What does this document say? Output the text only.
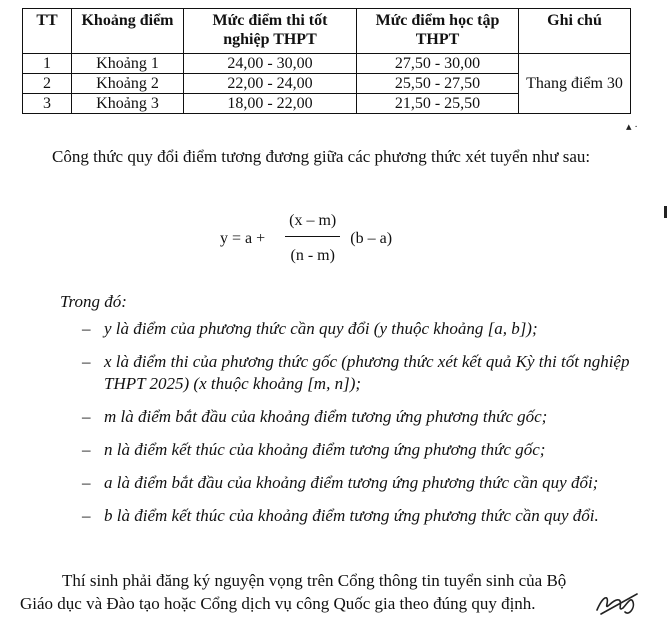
TT	Khoảng điểm	Mức điểm thi tốt nghiệp THPT	Mức điểm học tập THPT	Ghi chú
1	Khoảng 1	24,00 - 30,00	27,50 - 30,00	Thang điểm 30
2	Khoảng 2	22,00 - 24,00	25,50 - 27,50	
3	Khoảng 3	18,00 - 22,00	21,50 - 25,50	
▴ ·

Công thức quy đổi điểm tương đương giữa các phương thức xét tuyển như sau:

$y = a + \frac{(x - m)}{(n - m)} (b - a)$

Trong đó:

– y là điểm của phương thức cần quy đổi (y thuộc khoảng [a, b]);
– x là điểm thi của phương thức gốc (phương thức xét kết quả Kỳ thi tốt nghiệp THPT 2025) (x thuộc khoảng [m, n]);
– m là điểm bắt đầu của khoảng điểm tương ứng phương thức gốc;
– n là điểm kết thúc của khoảng điểm tương ứng phương thức gốc;
– a là điểm bắt đầu của khoảng điểm tương ứng phương thức cần quy đổi;
– b là điểm kết thúc của khoảng điểm tương ứng phương thức cần quy đổi.

Thí sinh phải đăng ký nguyện vọng trên Cổng thông tin tuyển sinh của Bộ

Giáo dục và Đào tạo hoặc Cổng dịch vụ công Quốc gia theo đúng quy định.
